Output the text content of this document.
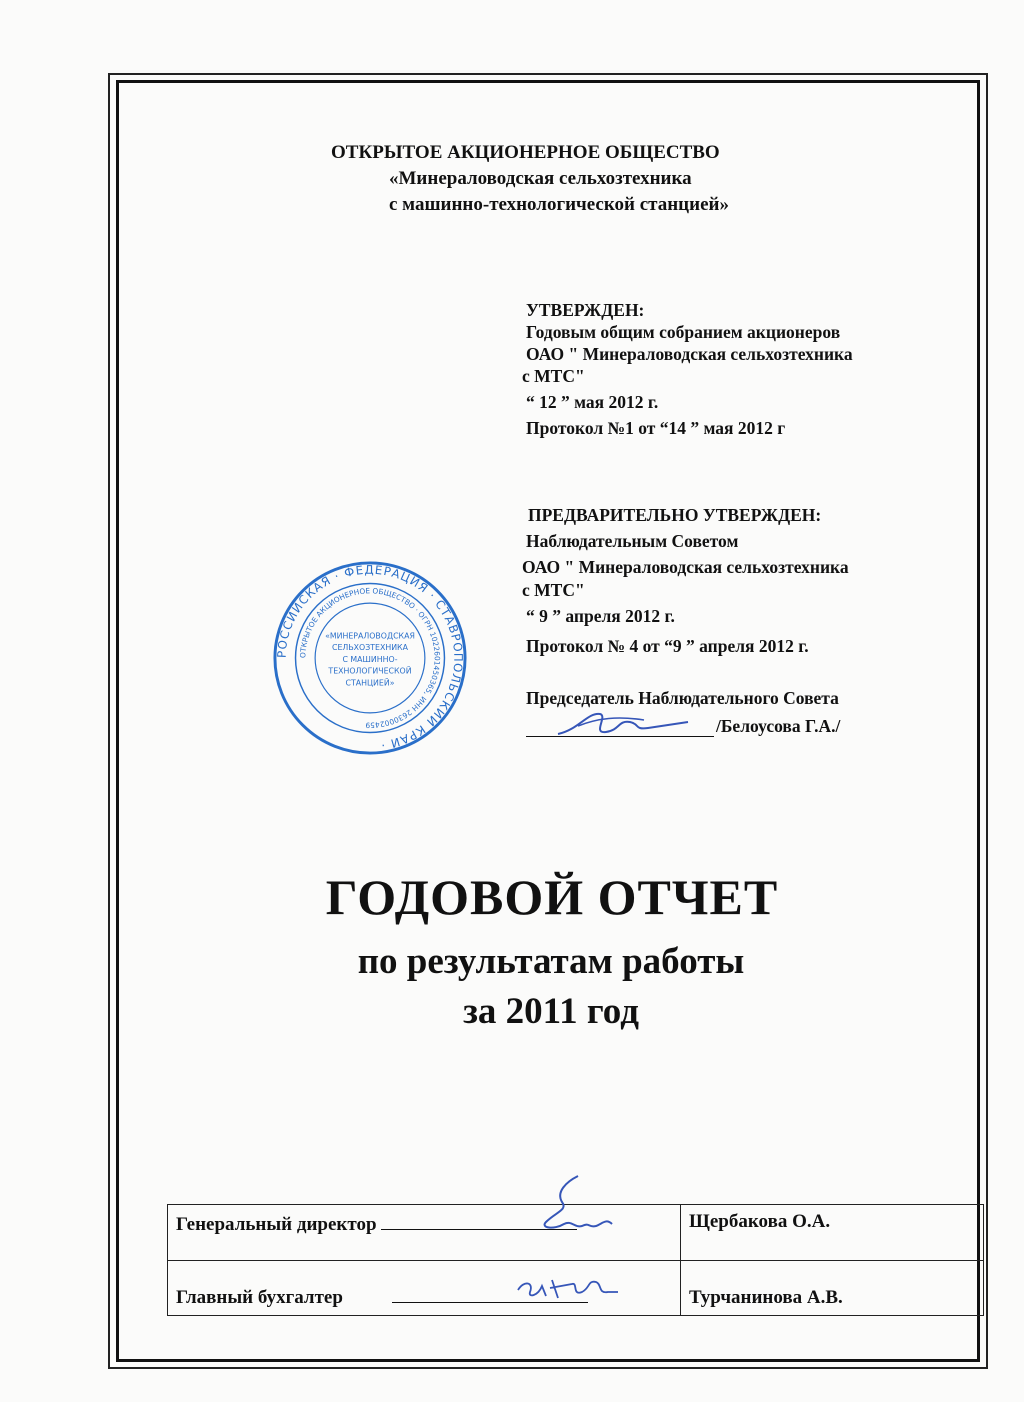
ОТКРЫТОЕ АКЦИОНЕРНОЕ ОБЩЕСТВО
«Минераловодская сельхозтехника
с машинно-технологической станцией»
УТВЕРЖДЕН:
Годовым общим собранием акционеров
ОАО " Минераловодская сельхозтехника
с МТС"
“ 12 ” мая 2012 г.
Протокол №1 от “14 ” мая 2012 г
ПРЕДВАРИТЕЛЬНО УТВЕРЖДЕН:
Наблюдательным Советом
ОАО " Минераловодская сельхозтехника
с МТС"
“ 9 ” апреля 2012 г.
Протокол № 4 от “9 ” апреля 2012 г.
Председатель Наблюдательного Совета
/Белоусова Г.А./
РОССИЙСКАЯ · ФЕДЕРАЦИЯ · СТАВРОПОЛЬСКИЙ КРАЙ ·
ОТКРЫТОЕ АКЦИОНЕРНОЕ ОБЩЕСТВО · ОГРН 1022601450365, ИНН 2630002459
«МИНЕРАЛОВОДСКАЯ
СЕЛЬХОЗТЕХНИКА
С МАШИННО-
ТЕХНОЛОГИЧЕСКОЙ
СТАНЦИЕЙ»
ГОДОВОЙ ОТЧЕТ
по результатам работы
за 2011 год
Генеральный директор	Щербакова О.А.
Главный бухгалтер	Турчанинова А.В.
